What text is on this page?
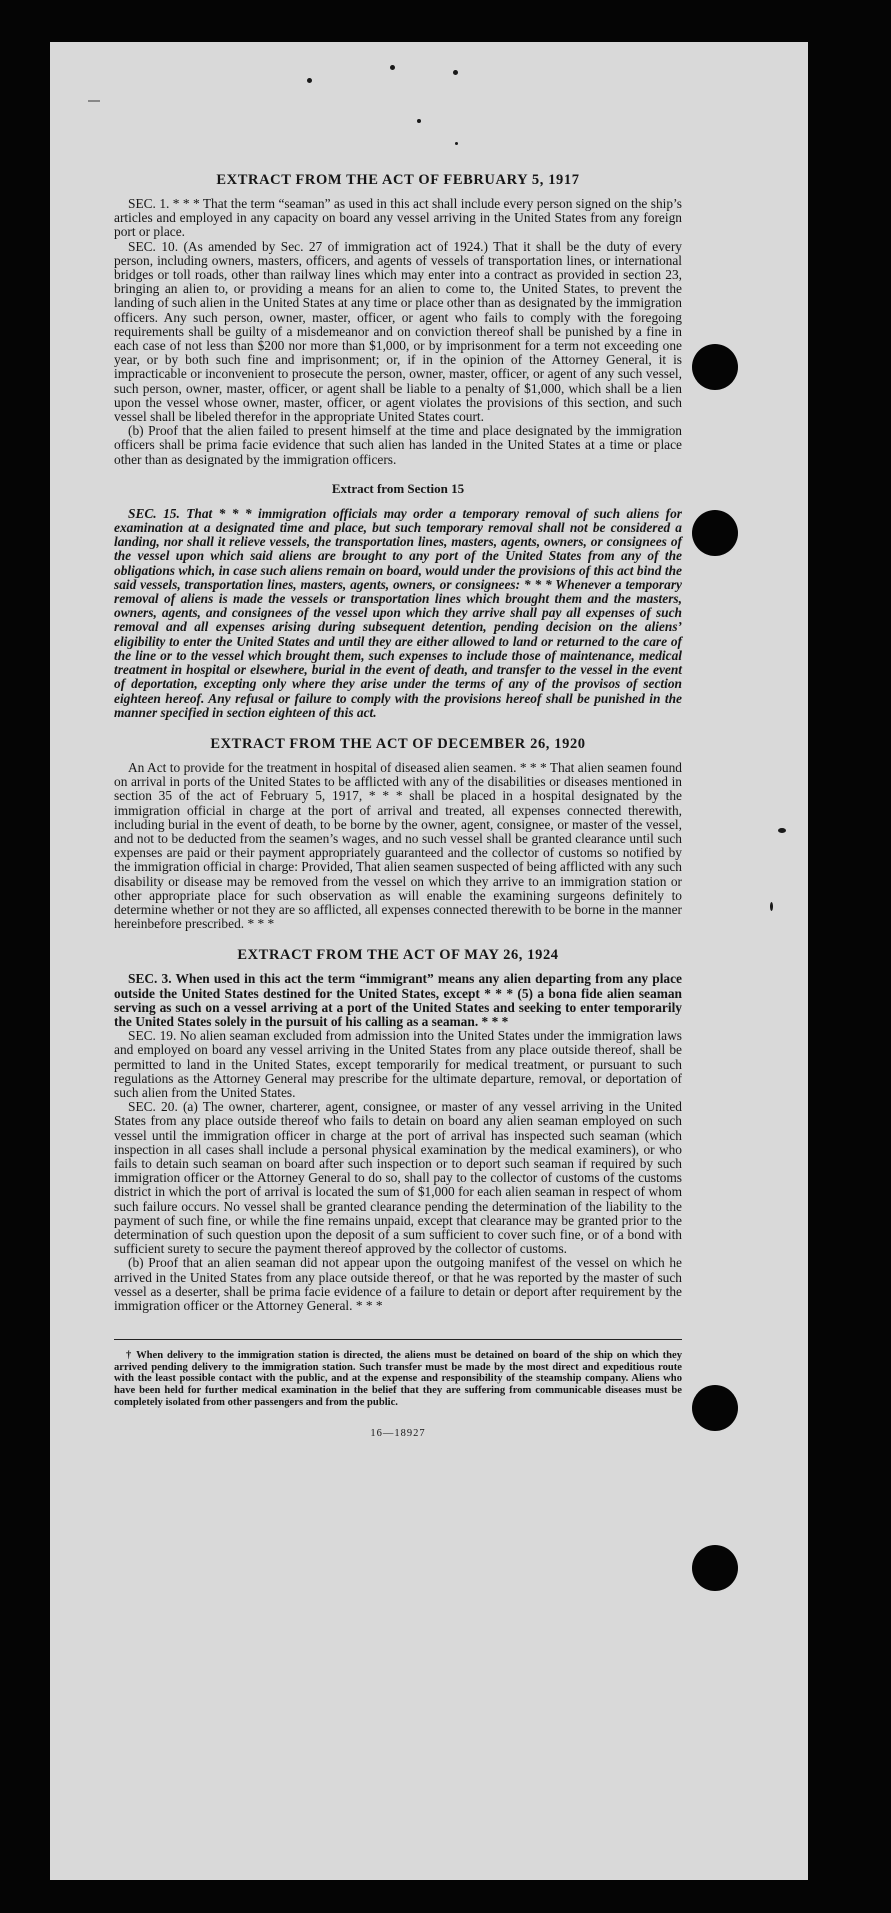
EXTRACT FROM THE ACT OF FEBRUARY 5, 1917

SEC. 1. * * * That the term “seaman” as used in this act shall include every person signed on the ship’s articles and employed in any capacity on board any vessel arriving in the United States from any foreign port or place.

SEC. 10. (As amended by Sec. 27 of immigration act of 1924.) That it shall be the duty of every person, including owners, masters, officers, and agents of vessels of transportation lines, or international bridges or toll roads, other than railway lines which may enter into a contract as provided in section 23, bringing an alien to, or providing a means for an alien to come to, the United States, to prevent the landing of such alien in the United States at any time or place other than as designated by the immigration officers. Any such person, owner, master, officer, or agent who fails to comply with the foregoing requirements shall be guilty of a misdemeanor and on conviction thereof shall be punished by a fine in each case of not less than $200 nor more than $1,000, or by imprisonment for a term not exceeding one year, or by both such fine and imprisonment; or, if in the opinion of the Attorney General, it is impracticable or inconvenient to prosecute the person, owner, master, officer, or agent of any such vessel, such person, owner, master, officer, or agent shall be liable to a penalty of $1,000, which shall be a lien upon the vessel whose owner, master, officer, or agent violates the provisions of this section, and such vessel shall be libeled therefor in the appropriate United States court.

(b) Proof that the alien failed to present himself at the time and place designated by the immigration officers shall be prima facie evidence that such alien has landed in the United States at a time or place other than as designated by the immigration officers.

Extract from Section 15

SEC. 15. That * * * immigration officials may order a temporary removal of such aliens for examination at a designated time and place, but such temporary removal shall not be considered a landing, nor shall it relieve vessels, the transportation lines, masters, agents, owners, or consignees of the vessel upon which said aliens are brought to any port of the United States from any of the obligations which, in case such aliens remain on board, would under the provisions of this act bind the said vessels, transportation lines, masters, agents, owners, or consignees: * * * Whenever a temporary removal of aliens is made the vessels or transportation lines which brought them and the masters, owners, agents, and consignees of the vessel upon which they arrive shall pay all expenses of such removal and all expenses arising during subsequent detention, pending decision on the aliens’ eligibility to enter the United States and until they are either allowed to land or returned to the care of the line or to the vessel which brought them, such expenses to include those of maintenance, medical treatment in hospital or elsewhere, burial in the event of death, and transfer to the vessel in the event of deportation, excepting only where they arise under the terms of any of the provisos of section eighteen hereof. Any refusal or failure to comply with the provisions hereof shall be punished in the manner specified in section eighteen of this act.

EXTRACT FROM THE ACT OF DECEMBER 26, 1920

An Act to provide for the treatment in hospital of diseased alien seamen. * * * That alien seamen found on arrival in ports of the United States to be afflicted with any of the disabilities or diseases mentioned in section 35 of the act of February 5, 1917, * * * shall be placed in a hospital designated by the immigration official in charge at the port of arrival and treated, all expenses connected therewith, including burial in the event of death, to be borne by the owner, agent, consignee, or master of the vessel, and not to be deducted from the seamen’s wages, and no such vessel shall be granted clearance until such expenses are paid or their payment appropriately guaranteed and the collector of customs so notified by the immigration official in charge: Provided, That alien seamen suspected of being afflicted with any such disability or disease may be removed from the vessel on which they arrive to an immigration station or other appropriate place for such observation as will enable the examining surgeons definitely to determine whether or not they are so afflicted, all expenses connected therewith to be borne in the manner hereinbefore prescribed. * * *

EXTRACT FROM THE ACT OF MAY 26, 1924

SEC. 3. When used in this act the term “immigrant” means any alien departing from any place outside the United States destined for the United States, except * * * (5) a bona fide alien seaman serving as such on a vessel arriving at a port of the United States and seeking to enter temporarily the United States solely in the pursuit of his calling as a seaman. * * *

SEC. 19. No alien seaman excluded from admission into the United States under the immigration laws and employed on board any vessel arriving in the United States from any place outside thereof, shall be permitted to land in the United States, except temporarily for medical treatment, or pursuant to such regulations as the Attorney General may prescribe for the ultimate departure, removal, or deportation of such alien from the United States.

SEC. 20. (a) The owner, charterer, agent, consignee, or master of any vessel arriving in the United States from any place outside thereof who fails to detain on board any alien seaman employed on such vessel until the immigration officer in charge at the port of arrival has inspected such seaman (which inspection in all cases shall include a personal physical examination by the medical examiners), or who fails to detain such seaman on board after such inspection or to deport such seaman if required by such immigration officer or the Attorney General to do so, shall pay to the collector of customs of the customs district in which the port of arrival is located the sum of $1,000 for each alien seaman in respect of whom such failure occurs. No vessel shall be granted clearance pending the determination of the liability to the payment of such fine, or while the fine remains unpaid, except that clearance may be granted prior to the determination of such question upon the deposit of a sum sufficient to cover such fine, or of a bond with sufficient surety to secure the payment thereof approved by the collector of customs.

(b) Proof that an alien seaman did not appear upon the outgoing manifest of the vessel on which he arrived in the United States from any place outside thereof, or that he was reported by the master of such vessel as a deserter, shall be prima facie evidence of a failure to detain or deport after requirement by the immigration officer or the Attorney General. * * *

† When delivery to the immigration station is directed, the aliens must be detained on board of the ship on which they arrived pending delivery to the immigration station. Such transfer must be made by the most direct and expeditious route with the least possible contact with the public, and at the expense and responsibility of the steamship company. Aliens who have been held for further medical examination in the belief that they are suffering from communicable diseases must be completely isolated from other passengers and from the public.

16—18927
